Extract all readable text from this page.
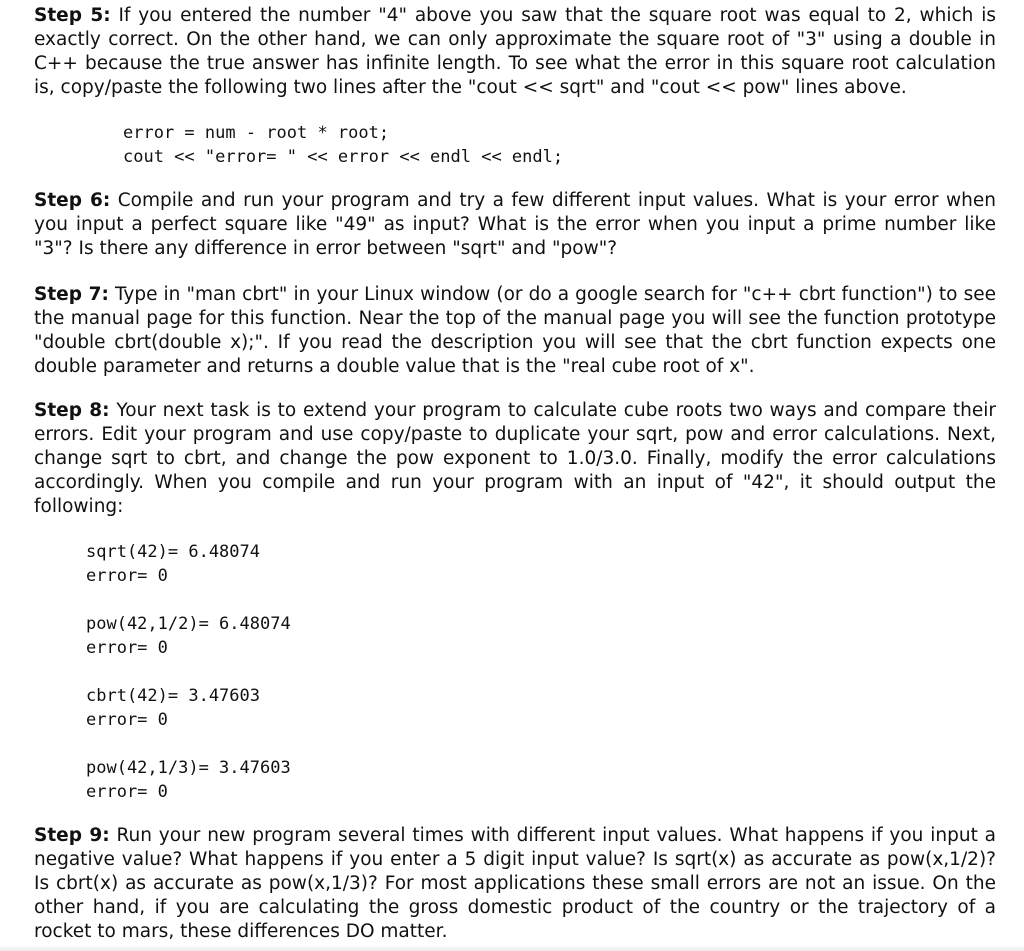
Step 5: If you entered the number "4" above you saw that the square root was equal to 2, which is exactly correct. On the other hand, we can only approximate the square root of "3" using a double in C++ because the true answer has infinite length. To see what the error in this square root calculation is, copy/paste the following two lines after the "cout << sqrt" and "cout << pow" lines above.

error = num - root * root;
cout << "error= " << error << endl << endl;

Step 6: Compile and run your program and try a few different input values. What is your error when you input a perfect square like "49" as input? What is the error when you input a prime number like "3"? Is there any difference in error between "sqrt" and "pow"?

Step 7: Type in "man cbrt" in your Linux window (or do a google search for "c++ cbrt function") to see the manual page for this function. Near the top of the manual page you will see the function prototype "double cbrt(double x);". If you read the description you will see that the cbrt function expects one double parameter and returns a double value that is the "real cube root of x".

Step 8: Your next task is to extend your program to calculate cube roots two ways and compare their errors. Edit your program and use copy/paste to duplicate your sqrt, pow and error calculations. Next, change sqrt to cbrt, and change the pow exponent to 1.0/3.0. Finally, modify the error calculations accordingly. When you compile and run your program with an input of "42", it should output the following:

sqrt(42)= 6.48074
error= 0
pow(42,1/2)= 6.48074
error= 0
cbrt(42)= 3.47603
error= 0
pow(42,1/3)= 3.47603
error= 0

Step 9: Run your new program several times with different input values. What happens if you input a negative value? What happens if you enter a 5 digit input value? Is sqrt(x) as accurate as pow(x,1/2)? Is cbrt(x) as accurate as pow(x,1/3)? For most applications these small errors are not an issue. On the other hand, if you are calculating the gross domestic product of the country or the trajectory of a rocket to mars, these differences DO matter.
